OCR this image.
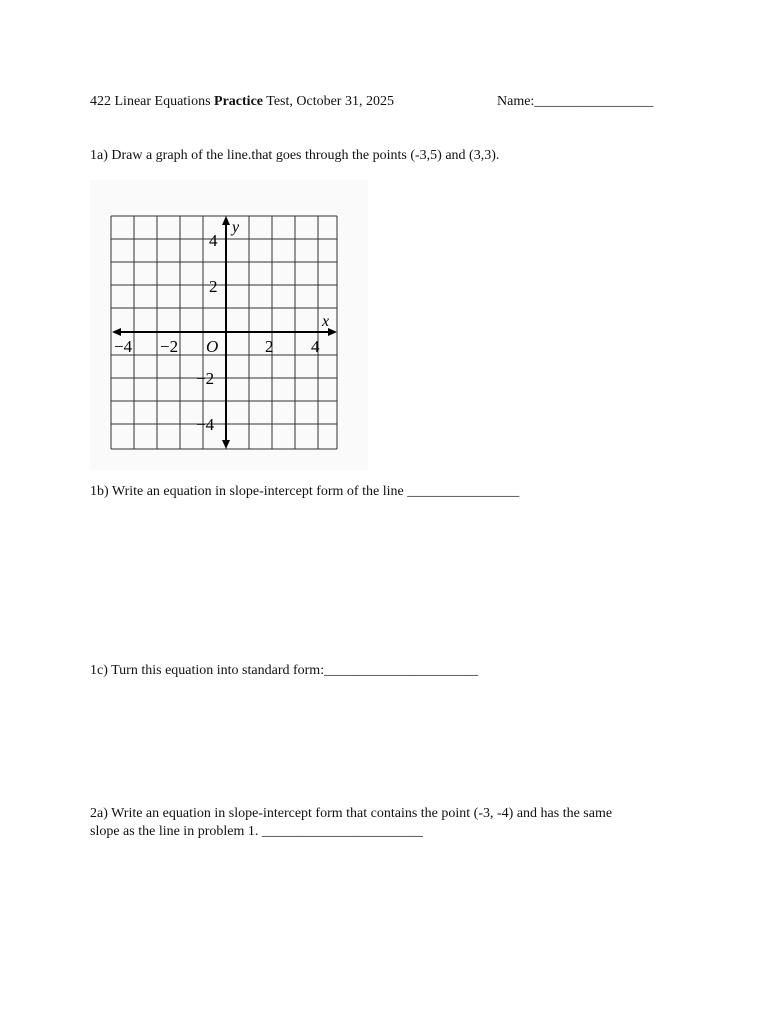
422 Linear Equations Practice Test, October 31, 2025	Name:_________________
1a) Draw a graph of the line.that goes through the points (-3,5) and (3,3).
y
x
O
−4 −2	2 4
4
2
−2
−4
1b) Write an equation in slope-intercept form of the line ________________
1c) Turn this equation into standard form:______________________
2a) Write an equation in slope-intercept form that contains the point (-3, -4) and has the same
slope as the line in problem 1. _______________________
